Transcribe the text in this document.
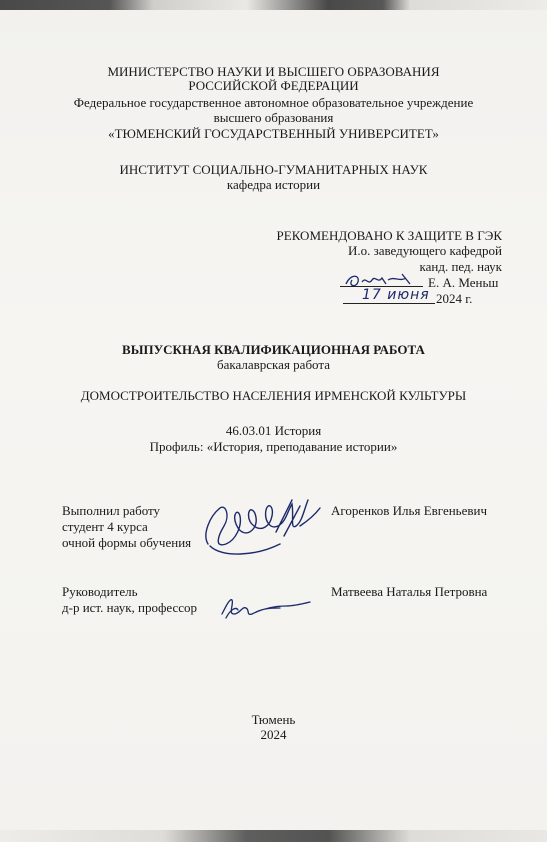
МИНИСТЕРСТВО НАУКИ И ВЫСШЕГО ОБРАЗОВАНИЯ
РОССИЙСКОЙ ФЕДЕРАЦИИ
Федеральное государственное автономное образовательное учреждение
высшего образования
«ТЮМЕНСКИЙ ГОСУДАРСТВЕННЫЙ УНИВЕРСИТЕТ»
ИНСТИТУТ СОЦИАЛЬНО-ГУМАНИТАРНЫХ НАУК
кафедра истории
РЕКОМЕНДОВАНО К ЗАЩИТЕ В ГЭК
И.о. заведующего кафедрой
канд. пед. наук
Е. А. Меньш
17 июня 2024 г.
ВЫПУСКНАЯ КВАЛИФИКАЦИОННАЯ РАБОТА
бакалаврская работа
ДОМОСТРОИТЕЛЬСТВО НАСЕЛЕНИЯ ИРМЕНСКОЙ КУЛЬТУРЫ
46.03.01 История
Профиль: «История, преподавание истории»
Выполнил работу
студент 4 курса
очной формы обучения
Агоренков Илья Евгеньевич
Руководитель
д-р ист. наук, профессор
Матвеева Наталья Петровна
Тюмень
2024
